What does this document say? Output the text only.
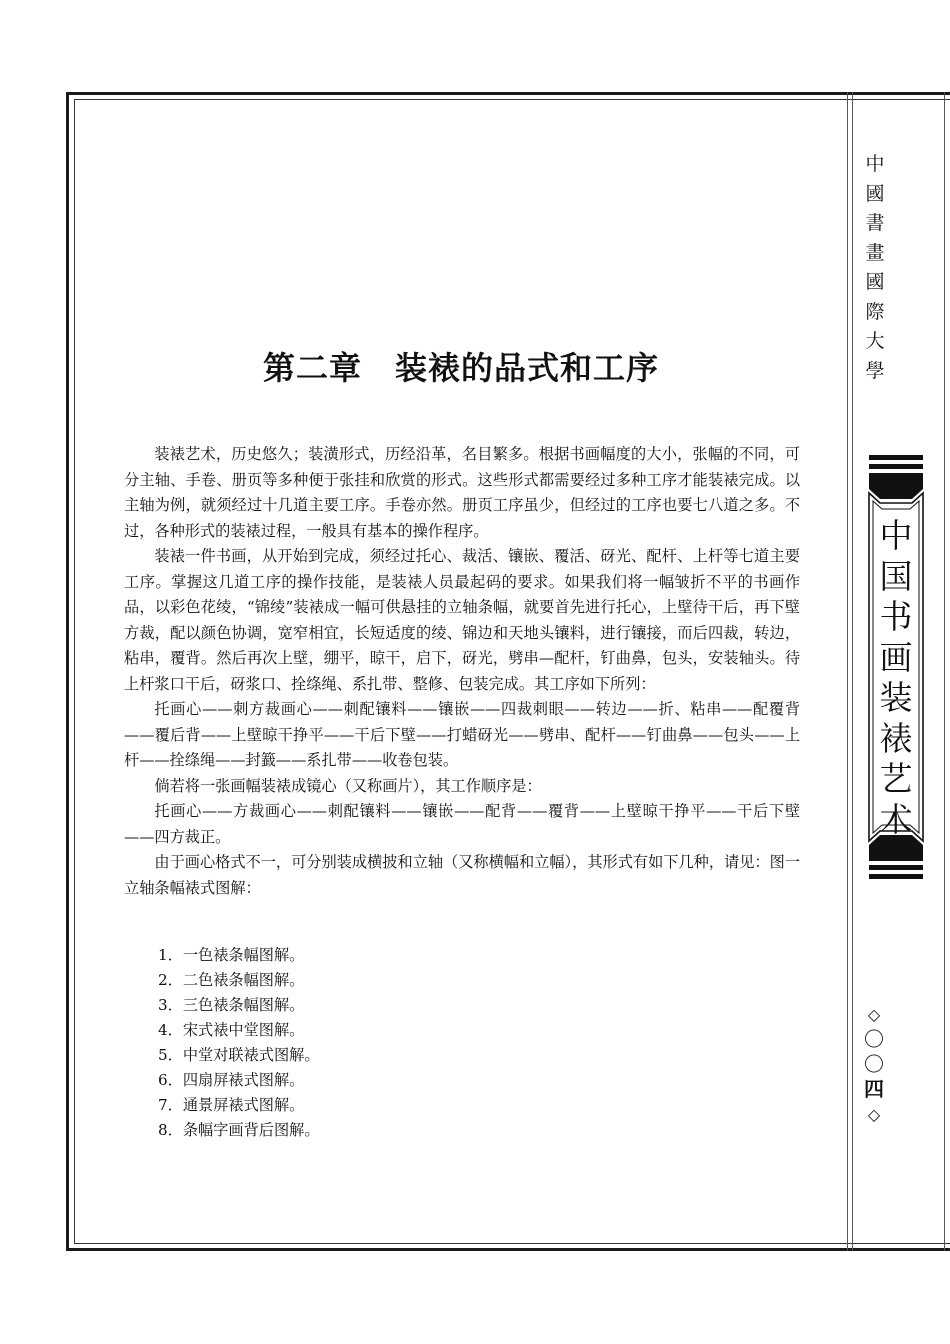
第二章　装裱的品式和工序

装裱艺术，历史悠久；装潢形式，历经沿革，名目繁多。根据书画幅度的大小，张幅的不同，可分主轴、手卷、册页等多种便于张挂和欣赏的形式。这些形式都需要经过多种工序才能装裱完成。以主轴为例，就须经过十几道主要工序。手卷亦然。册页工序虽少，但经过的工序也要七八道之多。不过，各种形式的装裱过程，一般具有基本的操作程序。

装裱一件书画，从开始到完成，须经过托心、裁活、镶嵌、覆活、砑光、配杆、上杆等七道主要工序。掌握这几道工序的操作技能，是装裱人员最起码的要求。如果我们将一幅皱折不平的书画作品，以彩色花绫，“锦绫”装裱成一幅可供悬挂的立轴条幅，就要首先进行托心，上壁待干后，再下壁方裁，配以颜色协调，宽窄相宜，长短适度的绫、锦边和天地头镶料，进行镶接，而后四裁，转边，粘串，覆背。然后再次上壁，绷平，晾干，启下，砑光，劈串—配杆，钉曲鼻，包头，安装轴头。待上杆浆口干后，砑浆口、拴绦绳、系扎带、整修、包装完成。其工序如下所列：

托画心——刺方裁画心——刺配镶料——镶嵌——四裁刺眼——转边——折、粘串——配覆背——覆后背——上壁晾干挣平——干后下壁——打蜡砑光——劈串、配杆——钉曲鼻——包头——上杆——拴绦绳——封籖——系扎带——收卷包装。

倘若将一张画幅装裱成镜心（又称画片），其工作顺序是：

托画心——方裁画心——刺配镶料——镶嵌——配背——覆背——上壁晾干挣平——干后下壁——四方裁正。

由于画心格式不一，可分别装成横披和立轴（又称横幅和立幅），其形式有如下几种，请见：图一　立轴条幅裱式图解：

1．一色裱条幅图解。
2．二色裱条幅图解。
3．三色裱条幅图解。
4．宋式裱中堂图解。
5．中堂对联裱式图解。
6．四扇屏裱式图解。
7．通景屏裱式图解。
8．条幅字画背后图解。
中
國
書
畫
國
際
大
學
中
国
书
画
装
裱
艺
术
◇
〇
〇
四
◇
